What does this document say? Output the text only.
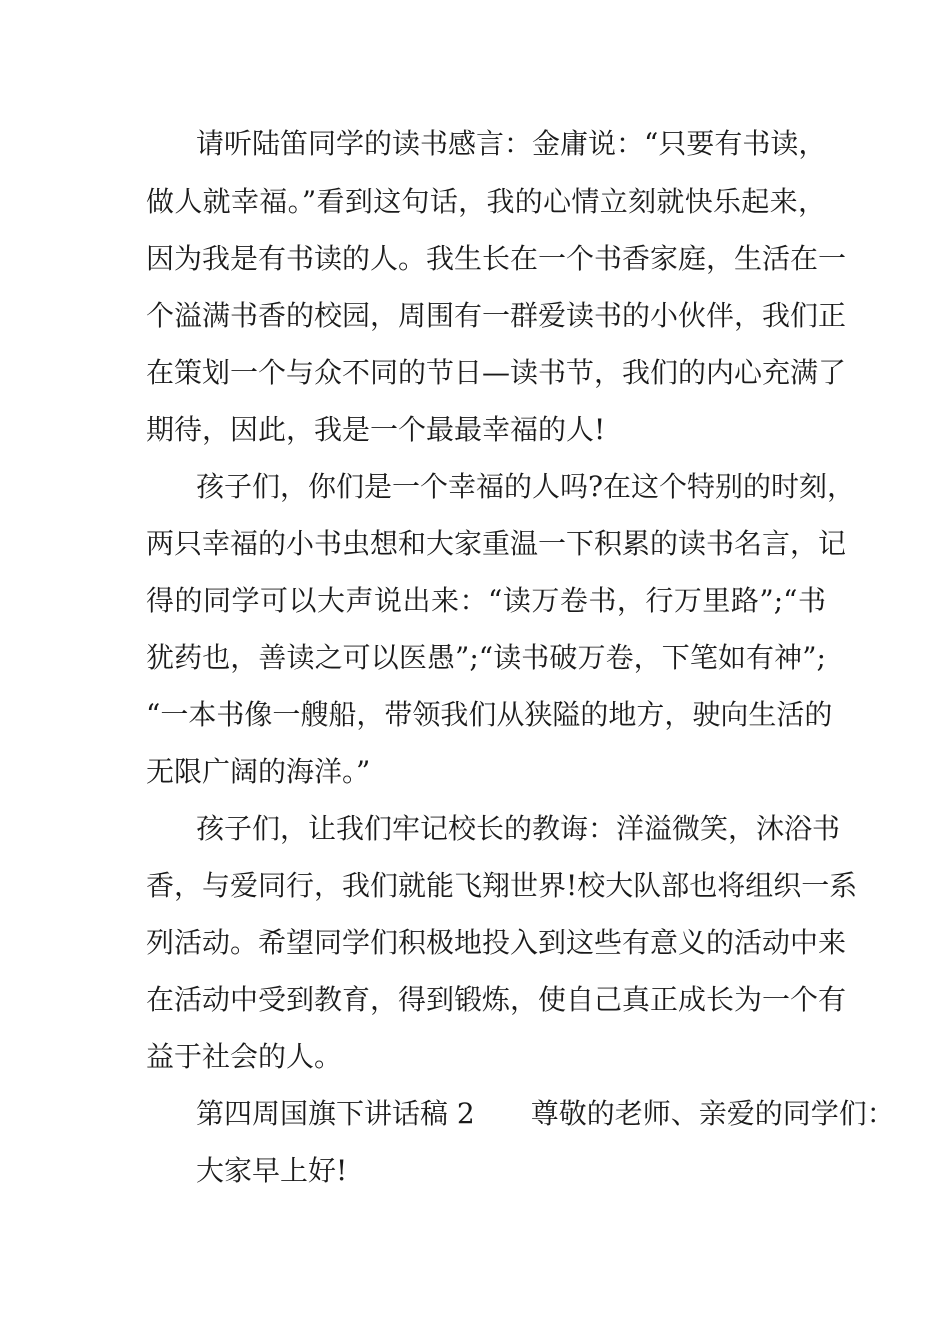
请听陆笛同学的读书感言：金庸说：“只要有书读，

做人就幸福。”看到这句话，我的心情立刻就快乐起来，

因为我是有书读的人。我生长在一个书香家庭，生活在一

个溢满书香的校园，周围有一群爱读书的小伙伴，我们正

在策划一个与众不同的节日—读书节，我们的内心充满了

期待，因此，我是一个最最幸福的人!

孩子们，你们是一个幸福的人吗?在这个特别的时刻，

两只幸福的小书虫想和大家重温一下积累的读书名言，记

得的同学可以大声说出来：“读万卷书，行万里路”;“书

犹药也，善读之可以医愚”;“读书破万卷，下笔如有神”;

“一本书像一艘船，带领我们从狭隘的地方，驶向生活的

无限广阔的海洋。”

孩子们，让我们牢记校长的教诲：洋溢微笑，沐浴书

香，与爱同行，我们就能飞翔世界!校大队部也将组织一系

列活动。希望同学们积极地投入到这些有意义的活动中来

在活动中受到教育，得到锻炼，使自己真正成长为一个有

益于社会的人。

第四周国旗下讲话稿 2　　尊敬的老师、亲爱的同学们：

大家早上好!
